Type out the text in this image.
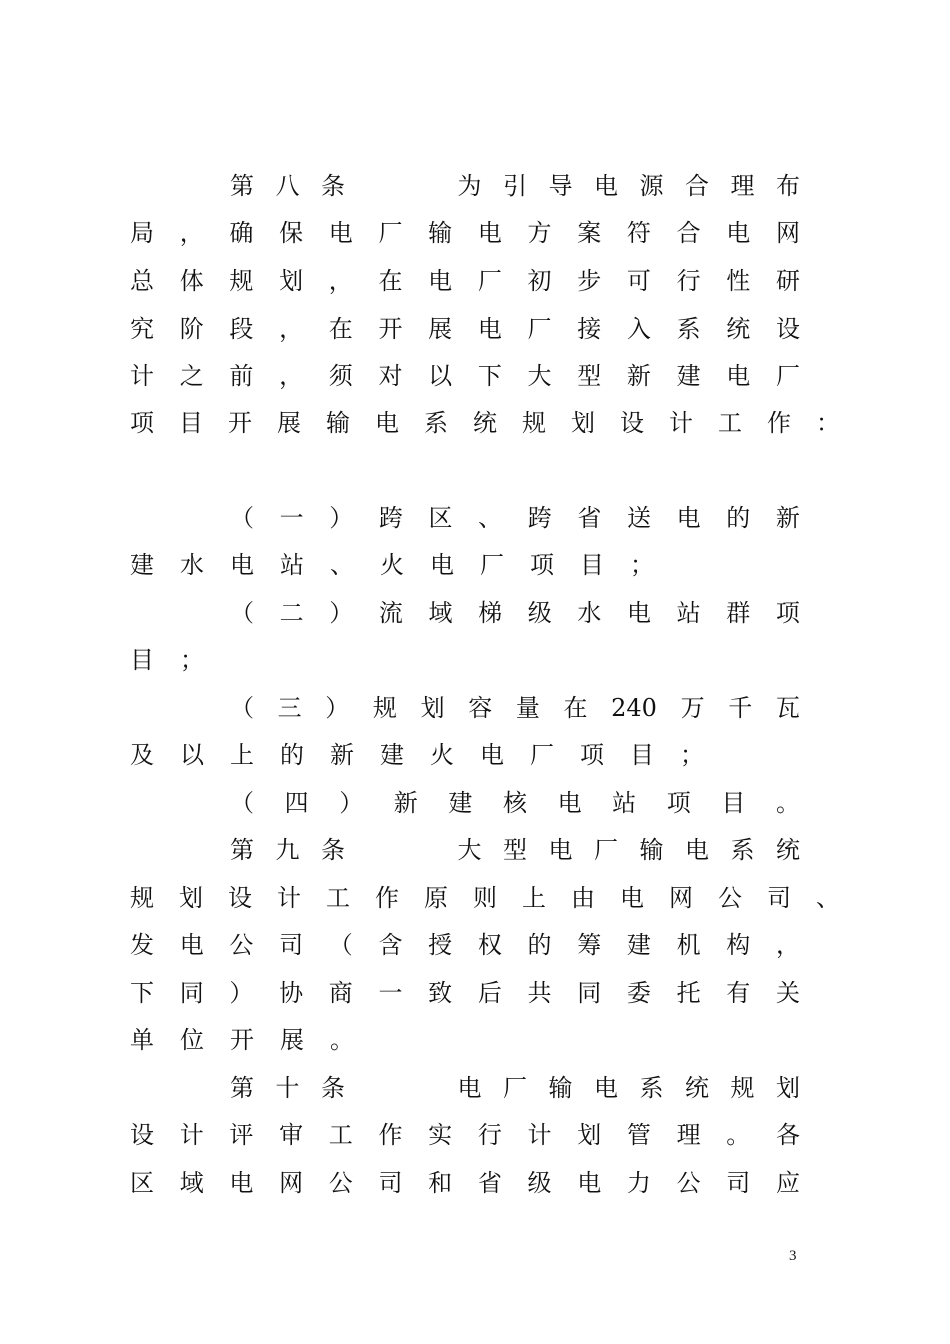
第 八 条

　	为 引 导 电 源 合 理 布
局 ， 确 保 电 厂 输 电 方 案 符 合 电 网
总 体 规 划 ， 在 电 厂 初 步 可 行 性 研
究 阶 段 ， 在 开 展 电 厂 接 入 系 统 设
计 之 前 ， 须 对 以 下 大 型 新 建 电 厂
项 目 开 展 输 电 系 统 规 划 设 计 工 作 ：
（ 一 ） 跨 区 、 跨 省 送 电 的 新
建 水 电 站 、 火 电 厂 项 目 ；
（ 二 ） 流 域 梯 级 水 电 站 群 项
目 ；
（ 三 ） 规 划 容 量 在 240 万 千 瓦
及 以 上 的 新 建 火 电 厂 项 目 ；
（ 四 ） 新 建 核 电 站 项 目 。
第 九 条

　	大 型 电 厂 输 电 系 统
规 划 设 计 工 作 原 则 上 由 电 网 公 司 、
发 电 公 司 （ 含 授 权 的 筹 建 机 构 ，
下 同 ） 协 商 一 致 后 共 同 委 托 有 关
单 位 开 展 。
第 十 条

　	电 厂 输 电 系 统 规 划
设 计 评 审 工 作 实 行 计 划 管 理 。 各
区 域 电 网 公 司 和 省 级 电 力 公 司 应
3
